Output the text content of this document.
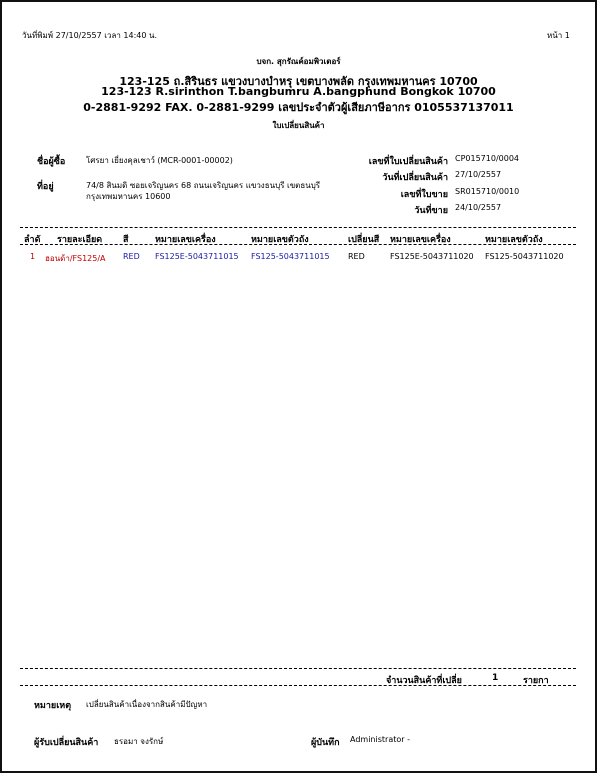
วันที่พิมพ์ 27/10/2557 เวลา 14:40 น.	หน้า 1
บจก. สุกรัณค์อมพิวเตอร์
123-125 ถ.สิรินธร แขวงบางบำหรุ เขตบางพลัด กรุงเทพมหานคร 10700
123-123 R.sirinthon T.bangbumru A.bangphund Bongkok 10700
0-2881-9292 FAX. 0-2881-9299 เลขประจำตัวผู้เสียภาษีอากร 0105537137011
ใบเปลี่ยนสินค้า
ชื่อผู้ซื้อ	โศรยา เยี่ยงคุลเชาว์ (MCR-0001-00002)
ที่อยู่	74/8 สินมดิ ซอยเจริญนคร 68 ถนนเจริญนคร แขวงธนบุรี เขตธนบุรี
กรุงเทพมหานคร 10600
เลขที่ใบเปลี่ยนสินค้า CP015710/0004
วันที่เปลี่ยนสินค้า 27/10/2557
เลขที่ใบขาย SR015710/0010
วันที่ขาย 24/10/2557
ลำดั รายละเอียด สี	หมายเลขเครื่อง	หมายเลขตัวถัง	เปลี่ยนสี หมายเลขเครื่อง	หมายเลขตัวถัง
1 ฮอนด้า/FS125/A RED FS125E-5043711015 FS125-5043711015 RED	FS125E-5043711020 FS125-5043711020
จำนวนสินค้าที่เปลี่ย	1	รายกา
หมายเหตุ เปลี่ยนสินค้าเนื่องจากสินค้ามีปัญหา
ผู้รับเปลี่ยนสินค้า ธรอมา จงรักษ์	ผู้บันทึก Administrator -
